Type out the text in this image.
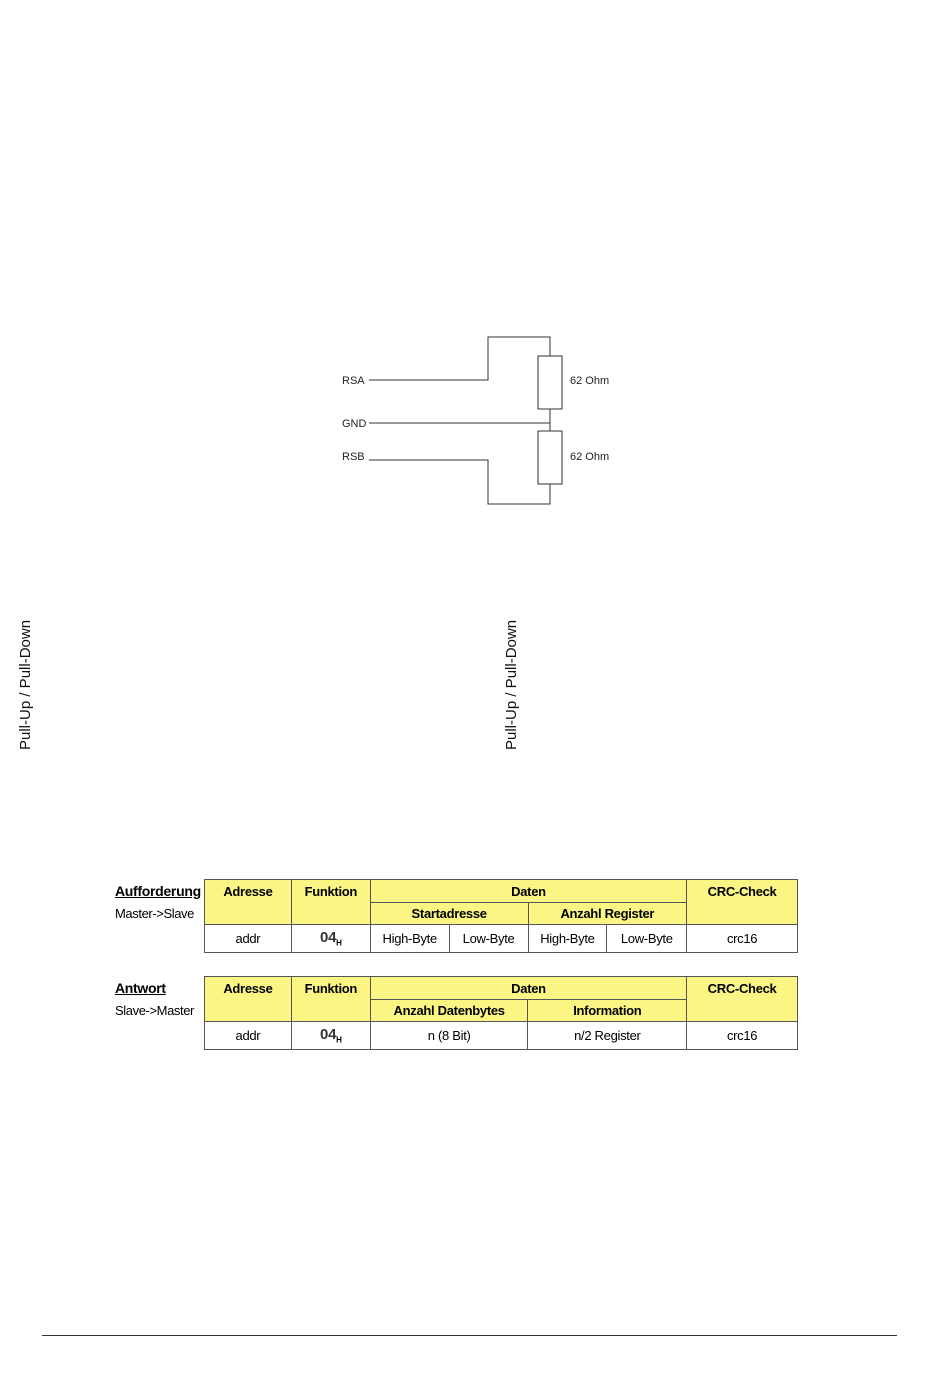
RSA
GND
RSB
62 Ohm
62 Ohm
Pull-Up / Pull-Down	Pull-Up / Pull-Down
Aufforderung
Master->Slave
Adresse	Funktion	Daten				CRC-Check
		Startadresse		Anzahl Register		
addr	$04_H$	High-Byte	Low-Byte	High-Byte	Low-Byte	crc16
Antwort
Slave->Master
Adresse	Funktion	Daten		CRC-Check
		Anzahl Datenbytes	Information	
addr	$04_H$	n (8 Bit)	n/2 Register	crc16
